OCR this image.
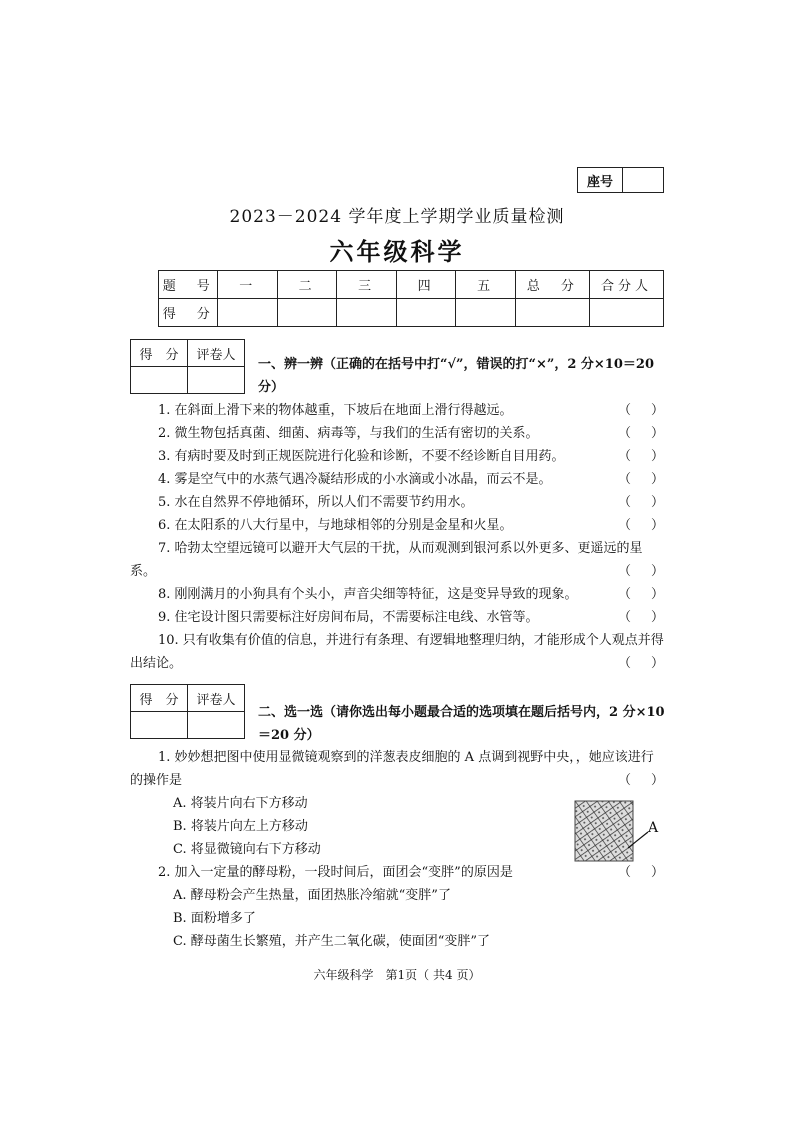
座号	
2023－2024 学年度上学期学业质量检测
六年级科学
题　号	一	二	三	四	五	总　分	合分人
得　分							
得　分	评卷人

一、辨一辨（正确的在括号中打“√”，错误的打“×”，2 分×10＝20 分）
1. 在斜面上滑下来的物体越重，下坡后在地面上滑行得越远。	（ ）
2. 微生物包括真菌、细菌、病毒等，与我们的生活有密切的关系。	（ ）
3. 有病时要及时到正规医院进行化验和诊断，不要不经诊断自目用药。	（ ）
4. 雾是空气中的水蒸气遇冷凝结形成的小水滴或小冰晶，而云不是。	（ ）
5. 水在自然界不停地循环，所以人们不需要节约用水。	（ ）
6. 在太阳系的八大行星中，与地球相邻的分别是金星和火星。	（ ）
7. 哈勃太空望远镜可以避开大气层的干扰，从而观测到银河系以外更多、更遥远的星系。	（ ）
8. 刚刚满月的小狗具有个头小，声音尖细等特征，这是变异导致的现象。	（ ）
9. 住宅设计图只需要标注好房间布局，不需要标注电线、水管等。	（ ）
10. 只有收集有价值的信息，并进行有条理、有逻辑地整理归纳，才能形成个人观点并得出结论。	（ ）
得　分	评卷人

二、选一选（请你选出每小题最合适的选项填在题后括号内，2 分×10＝20 分）
1. 妙妙想把图中使用显微镜观察到的洋葱表皮细胞的 A 点调到视野中央，，她应该进行的操作是	（ ）
A. 将装片向右下方移动
B. 将装片向左上方移动
C. 将显微镜向右下方移动
A
2. 加入一定量的酵母粉，一段时间后，面团会“变胖”的原因是	（ ）
A. 酵母粉会产生热量，面团热胀冷缩就“变胖”了
B. 面粉增多了
C. 酵母菌生长繁殖，并产生二氧化碳，使面团“变胖”了
六年级科学　第1页（ 共4 页）
